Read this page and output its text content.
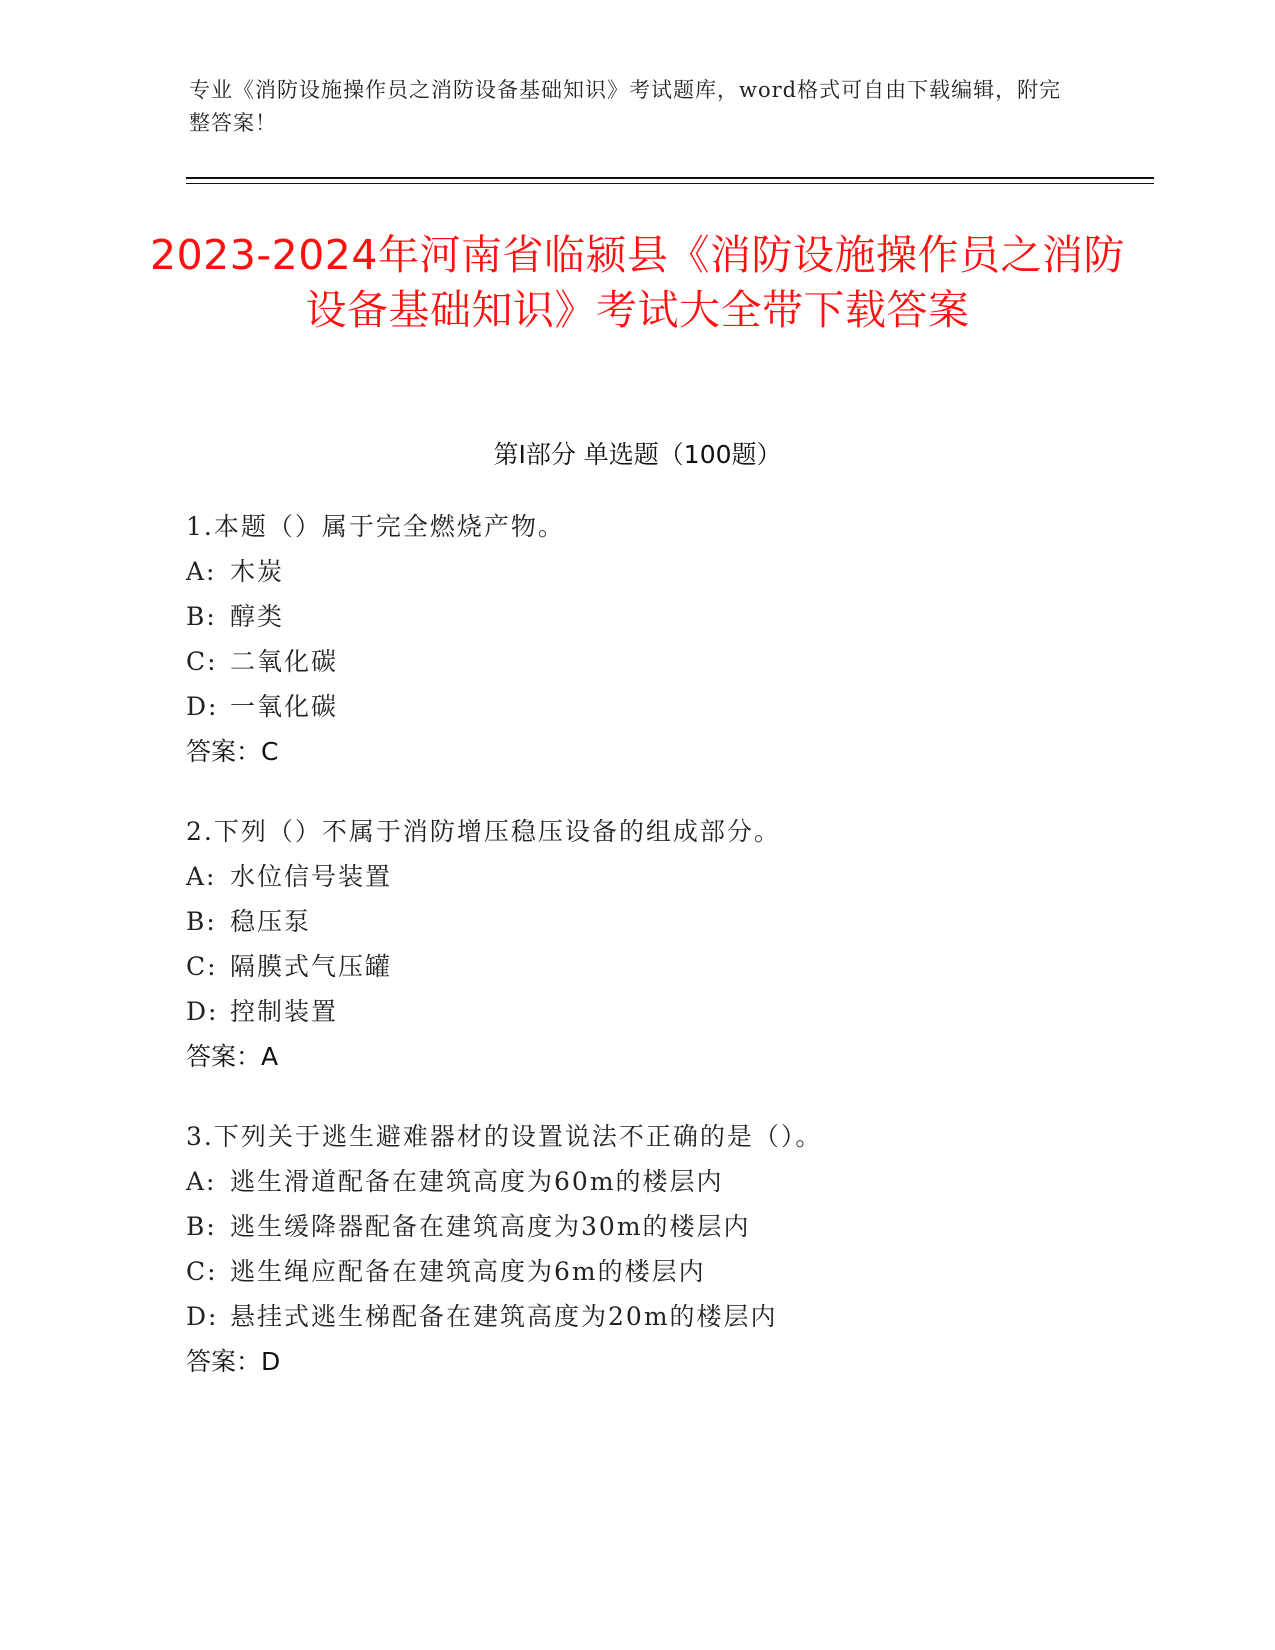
专业《消防设施操作员之消防设备基础知识》考试题库，word格式可自由下载编辑，附完整答案！
2023-2024年河南省临颍县《消防设施操作员之消防设备基础知识》考试大全带下载答案
第Ⅰ部分 单选题（100题）
1.本题（）属于完全燃烧产物。
A: 木炭
B: 醇类
C: 二氧化碳
D: 一氧化碳
答案：C
2.下列（）不属于消防增压稳压设备的组成部分。
A: 水位信号装置
B: 稳压泵
C: 隔膜式气压罐
D: 控制装置
答案：A
3.下列关于逃生避难器材的设置说法不正确的是（）。
A: 逃生滑道配备在建筑高度为60m的楼层内
B: 逃生缓降器配备在建筑高度为30m的楼层内
C: 逃生绳应配备在建筑高度为6m的楼层内
D: 悬挂式逃生梯配备在建筑高度为20m的楼层内
答案：D
